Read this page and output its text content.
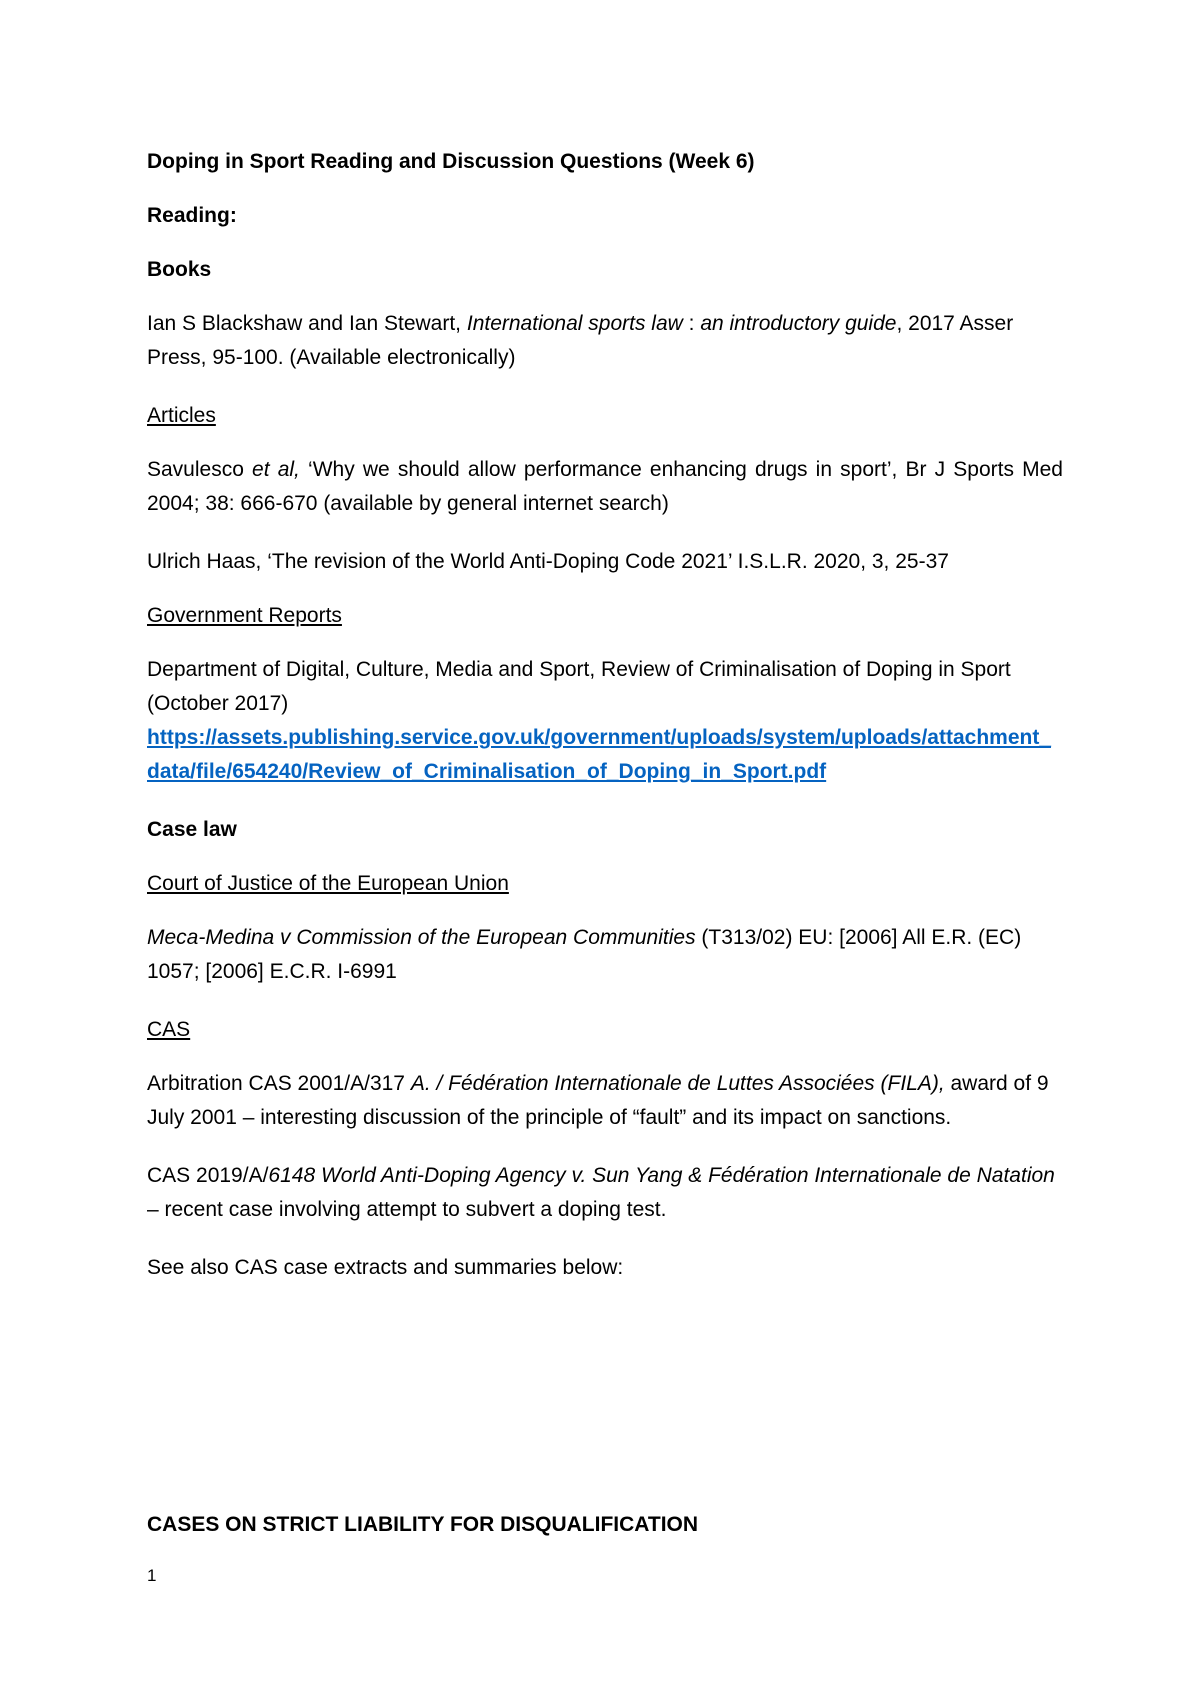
Doping in Sport Reading and Discussion Questions (Week 6)

Reading:

Books

Ian S Blackshaw and Ian Stewart, International sports law : an introductory guide, 2017 Asser Press, 95-100. (Available electronically)

Articles

Savulesco et al, ‘Why we should allow performance enhancing drugs in sport’, Br J Sports Med 2004; 38: 666-670 (available by general internet search)

Ulrich Haas, ‘The revision of the World Anti-Doping Code 2021’ I.S.L.R. 2020, 3, 25-37

Government Reports

Department of Digital, Culture, Media and Sport, Review of Criminalisation of Doping in Sport (October 2017)
https://assets.publishing.service.gov.uk/government/uploads/system/uploads/attachment_
data/file/654240/Review_of_Criminalisation_of_Doping_in_Sport.pdf

Case law

Court of Justice of the European Union

Meca-Medina v Commission of the European Communities (T313/02) EU: [2006] All E.R. (EC) 1057; [2006] E.C.R. I-6991

CAS

Arbitration CAS 2001/A/317 A. / Fédération Internationale de Luttes Associées (FILA), award of 9 July 2001 – interesting discussion of the principle of “fault” and its impact on sanctions.

CAS 2019/A/6148 World Anti-Doping Agency v. Sun Yang & Fédération Internationale de Natation – recent case involving attempt to subvert a doping test.

See also CAS case extracts and summaries below:

CASES ON STRICT LIABILITY FOR DISQUALIFICATION

1
